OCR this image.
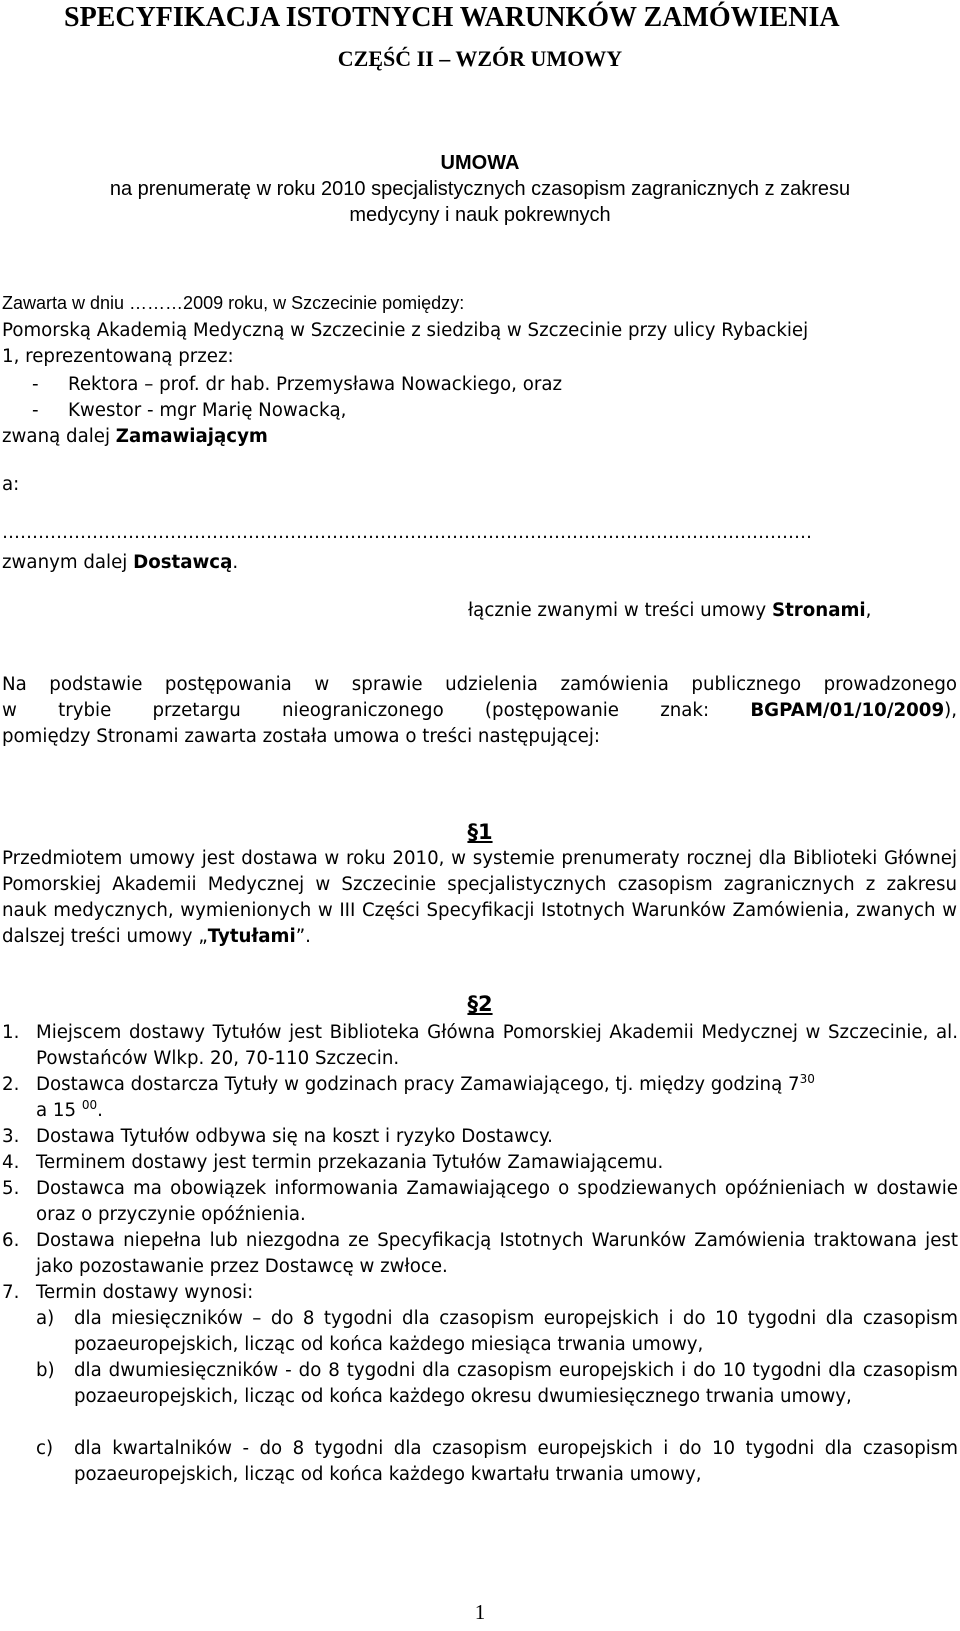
SPECYFIKACJA ISTOTNYCH WARUNKÓW ZAMÓWIENIA
CZĘŚĆ II – WZÓR UMOWY
UMOWA
na prenumeratę w roku 2010 specjalistycznych czasopism zagranicznych z zakresu
medycyny i nauk pokrewnych
Zawarta w dniu ………2009 roku, w Szczecinie pomiędzy:
Pomorską Akademią Medyczną w Szczecinie z siedzibą w Szczecinie przy ulicy Rybackiej
1, reprezentowaną przez:
- Rektora – prof. dr hab. Przemysława Nowackiego, oraz
- Kwestor - mgr Marię Nowacką,
zwaną dalej Zamawiającym
a:
………………………………………………………………………………………………………………………
zwanym dalej Dostawcą.
łącznie zwanymi w treści umowy Stronami,
Na podstawie postępowania w sprawie udzielenia zamówienia publicznego prowadzonego
w trybie przetargu nieograniczonego (postępowanie znak: BGPAM/01/10/2009),
pomiędzy Stronami zawarta została umowa o treści następującej:
§1
Przedmiotem umowy jest dostawa w roku 2010, w systemie prenumeraty rocznej dla Biblioteki Głównej Pomorskiej Akademii Medycznej w Szczecinie specjalistycznych czasopism zagranicznych z zakresu nauk medycznych, wymienionych w III Części Specyfikacji Istotnych Warunków Zamówienia, zwanych w dalszej treści umowy „Tytułami”.
§2
1. Miejscem dostawy Tytułów jest Biblioteka Główna Pomorskiej Akademii Medycznej w Szczecinie, al. Powstańców Wlkp. 20, 70-110 Szczecin.
2. Dostawca dostarcza Tytuły w godzinach pracy Zamawiającego, tj. między godziną $7^{30}$
a 15 $^{00}$.
3. Dostawa Tytułów odbywa się na koszt i ryzyko Dostawcy.
4. Terminem dostawy jest termin przekazania Tytułów Zamawiającemu.
5. Dostawca ma obowiązek informowania Zamawiającego o spodziewanych opóźnieniach w dostawie oraz o przyczynie opóźnienia.
6. Dostawa niepełna lub niezgodna ze Specyfikacją Istotnych Warunków Zamówienia traktowana jest jako pozostawanie przez Dostawcę w zwłoce.
7. Termin dostawy wynosi:
a) dla miesięczników – do 8 tygodni dla czasopism europejskich i do 10 tygodni dla czasopism pozaeuropejskich, licząc od końca każdego miesiąca trwania umowy,
b) dla dwumiesięczników - do 8 tygodni dla czasopism europejskich i do 10 tygodni dla czasopism pozaeuropejskich, licząc od końca każdego okresu dwumiesięcznego trwania umowy,
c) dla kwartalników - do 8 tygodni dla czasopism europejskich i do 10 tygodni dla czasopism pozaeuropejskich, licząc od końca każdego kwartału trwania umowy,
1
